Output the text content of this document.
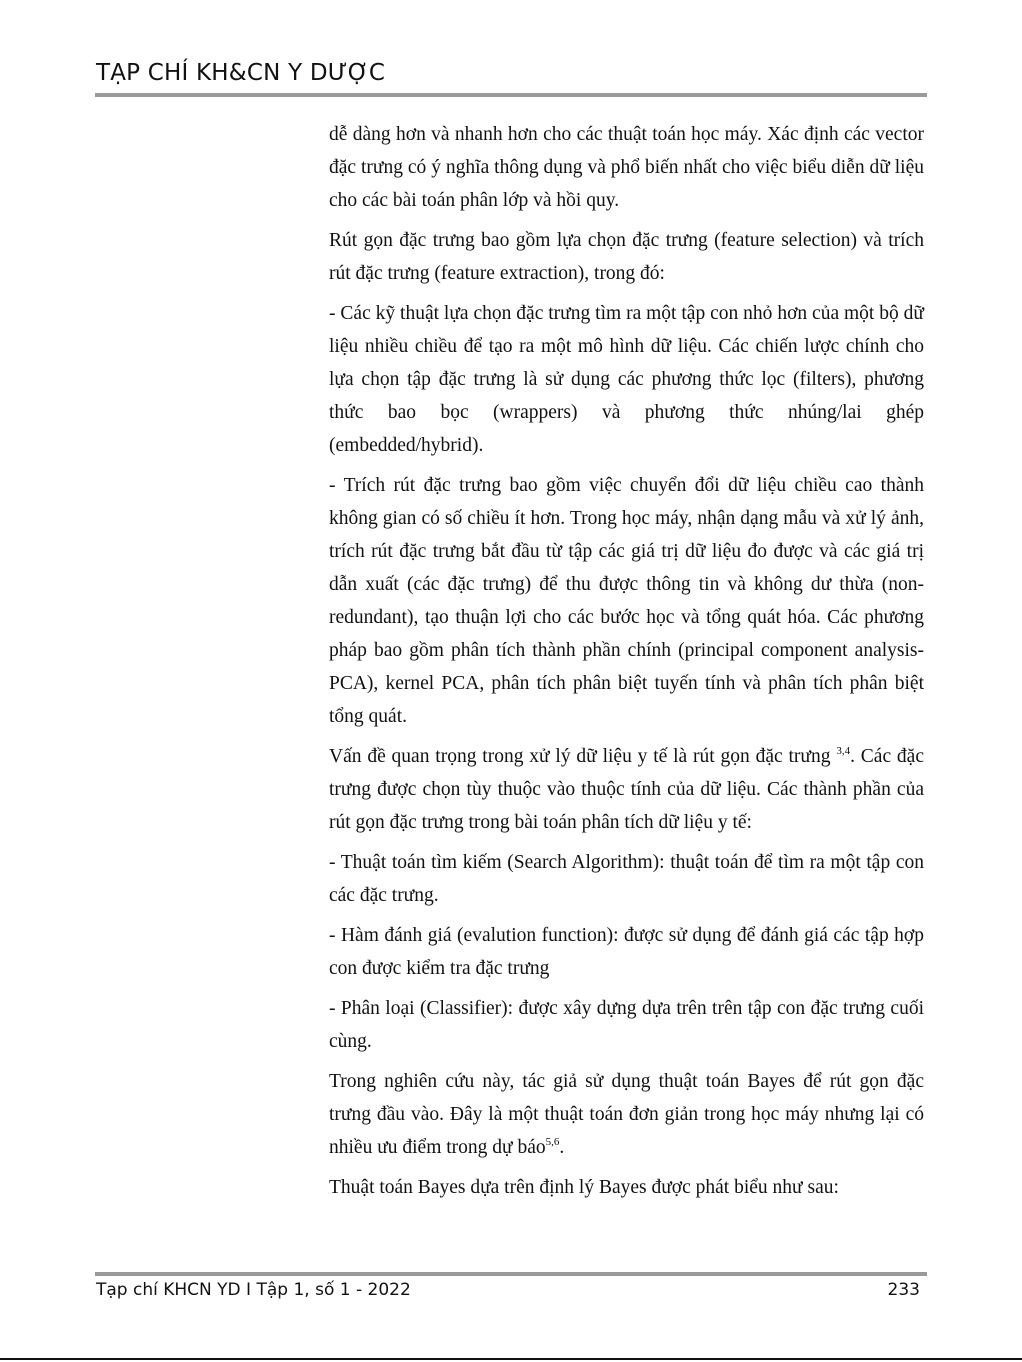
TẠP CHÍ KH&CN Y DƯỢC

dễ dàng hơn và nhanh hơn cho các thuật toán học máy. Xác định các vector đặc trưng có ý nghĩa thông dụng và phổ biến nhất cho việc biểu diễn dữ liệu cho các bài toán phân lớp và hồi quy.

Rút gọn đặc trưng bao gồm lựa chọn đặc trưng (feature selection) và trích rút đặc trưng (feature extraction), trong đó:

- Các kỹ thuật lựa chọn đặc trưng tìm ra một tập con nhỏ hơn của một bộ dữ liệu nhiều chiều để tạo ra một mô hình dữ liệu. Các chiến lược chính cho lựa chọn tập đặc trưng là sử dụng các phương thức lọc (filters), phương thức bao bọc (wrappers) và phương thức nhúng/lai ghép (embedded/hybrid).

- Trích rút đặc trưng bao gồm việc chuyển đổi dữ liệu chiều cao thành không gian có số chiều ít hơn. Trong học máy, nhận dạng mẫu và xử lý ảnh, trích rút đặc trưng bắt đầu từ tập các giá trị dữ liệu đo được và các giá trị dẫn xuất (các đặc trưng) để thu được thông tin và không dư thừa (non-redundant), tạo thuận lợi cho các bước học và tổng quát hóa. Các phương pháp bao gồm phân tích thành phần chính (principal component analysis-PCA), kernel PCA, phân tích phân biệt tuyến tính và phân tích phân biệt tổng quát.

Vấn đề quan trọng trong xử lý dữ liệu y tế là rút gọn đặc trưng $^{3,4}$. Các đặc trưng được chọn tùy thuộc vào thuộc tính của dữ liệu. Các thành phần của rút gọn đặc trưng trong bài toán phân tích dữ liệu y tế:

- Thuật toán tìm kiếm (Search Algorithm): thuật toán để tìm ra một tập con các đặc trưng.

- Hàm đánh giá (evalution function): được sử dụng để đánh giá các tập hợp con được kiểm tra đặc trưng

- Phân loại (Classifier): được xây dựng dựa trên trên tập con đặc trưng cuối cùng.

Trong nghiên cứu này, tác giả sử dụng thuật toán Bayes để rút gọn đặc trưng đầu vào. Đây là một thuật toán đơn giản trong học máy nhưng lại có nhiều ưu điểm trong dự báo$^{5,6}$.

Thuật toán Bayes dựa trên định lý Bayes được phát biểu như sau:

Tạp chí KHCN YD I Tập 1, số 1 - 2022	233
